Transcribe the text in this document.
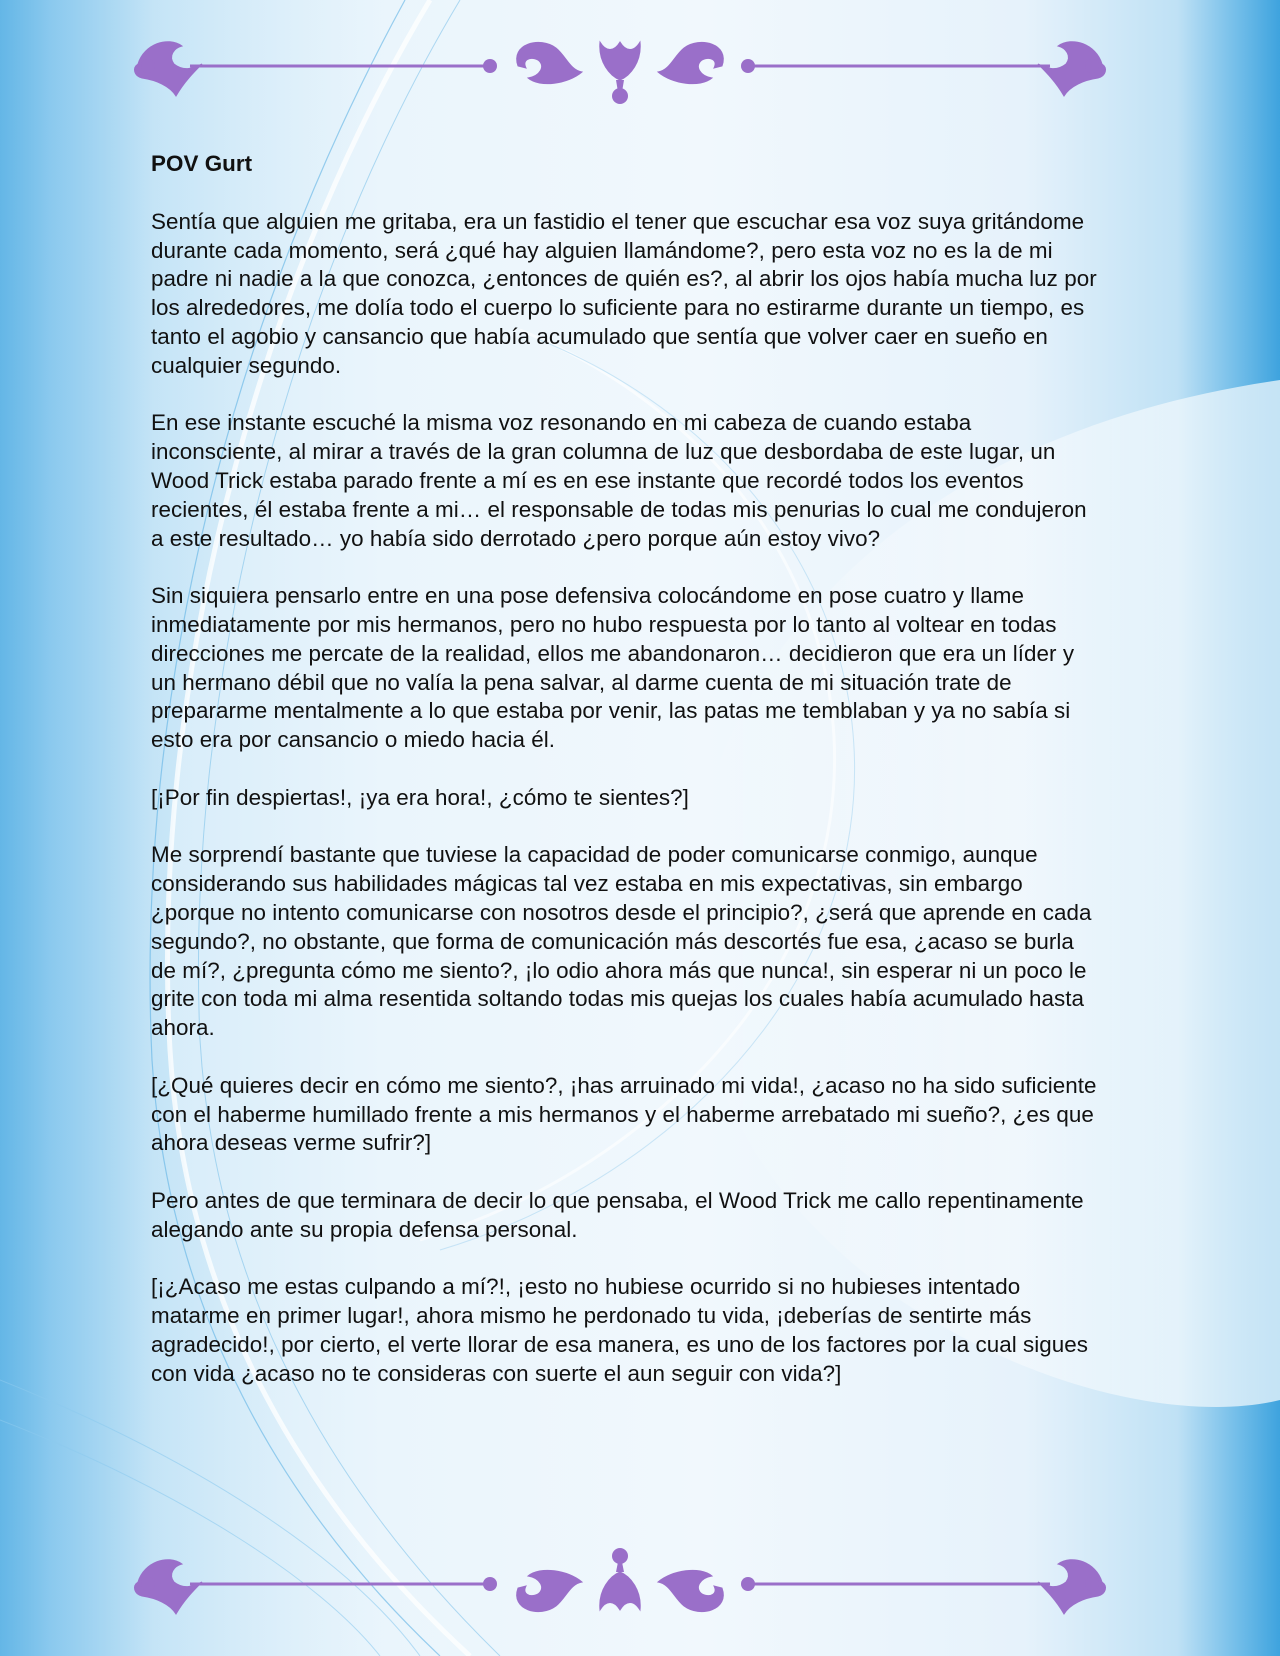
POV Gurt

Sentía que alguien me gritaba, era un fastidio el tener que escuchar esa voz suya gritándome durante cada momento, será ¿qué hay alguien llamándome?, pero esta voz no es la de mi padre ni nadie a la que conozca, ¿entonces de quién es?, al abrir los ojos había mucha luz por los alrededores, me dolía todo el cuerpo lo suficiente para no estirarme durante un tiempo, es tanto el agobio y cansancio que había acumulado que sentía que volver caer en sueño en cualquier segundo.

En ese instante escuché la misma voz resonando en mi cabeza de cuando estaba inconsciente, al mirar a través de la gran columna de luz que desbordaba de este lugar, un Wood Trick estaba parado frente a mí es en ese instante que recordé todos los eventos recientes, él estaba frente a mi… el responsable de todas mis penurias lo cual me condujeron a este resultado… yo había sido derrotado ¿pero porque aún estoy vivo?

Sin siquiera pensarlo entre en una pose defensiva colocándome en pose cuatro y llame inmediatamente por mis hermanos, pero no hubo respuesta por lo tanto al voltear en todas direcciones me percate de la realidad, ellos me abandonaron… decidieron que era un líder y un hermano débil que no valía la pena salvar, al darme cuenta de mi situación trate de prepararme mentalmente a lo que estaba por venir, las patas me temblaban y ya no sabía si esto era por cansancio o miedo hacia él.

[¡Por fin despiertas!, ¡ya era hora!, ¿cómo te sientes?]

Me sorprendí bastante que tuviese la capacidad de poder comunicarse conmigo, aunque considerando sus habilidades mágicas tal vez estaba en mis expectativas, sin embargo ¿porque no intento comunicarse con nosotros desde el principio?, ¿será que aprende en cada segundo?, no obstante, que forma de comunicación más descortés fue esa, ¿acaso se burla de mí?, ¿pregunta cómo me siento?, ¡lo odio ahora más que nunca!, sin esperar ni un poco le grite con toda mi alma resentida soltando todas mis quejas los cuales había acumulado hasta ahora.

[¿Qué quieres decir en cómo me siento?, ¡has arruinado mi vida!, ¿acaso no ha sido suficiente con el haberme humillado frente a mis hermanos y el haberme arrebatado mi sueño?, ¿es que ahora deseas verme sufrir?]

Pero antes de que terminara de decir lo que pensaba, el Wood Trick me callo repentinamente alegando ante su propia defensa personal.

[¡¿Acaso me estas culpando a mí?!, ¡esto no hubiese ocurrido si no hubieses intentado matarme en primer lugar!, ahora mismo he perdonado tu vida, ¡deberías de sentirte más agradecido!, por cierto, el verte llorar de esa manera, es uno de los factores por la cual sigues con vida ¿acaso no te consideras con suerte el aun seguir con vida?]
